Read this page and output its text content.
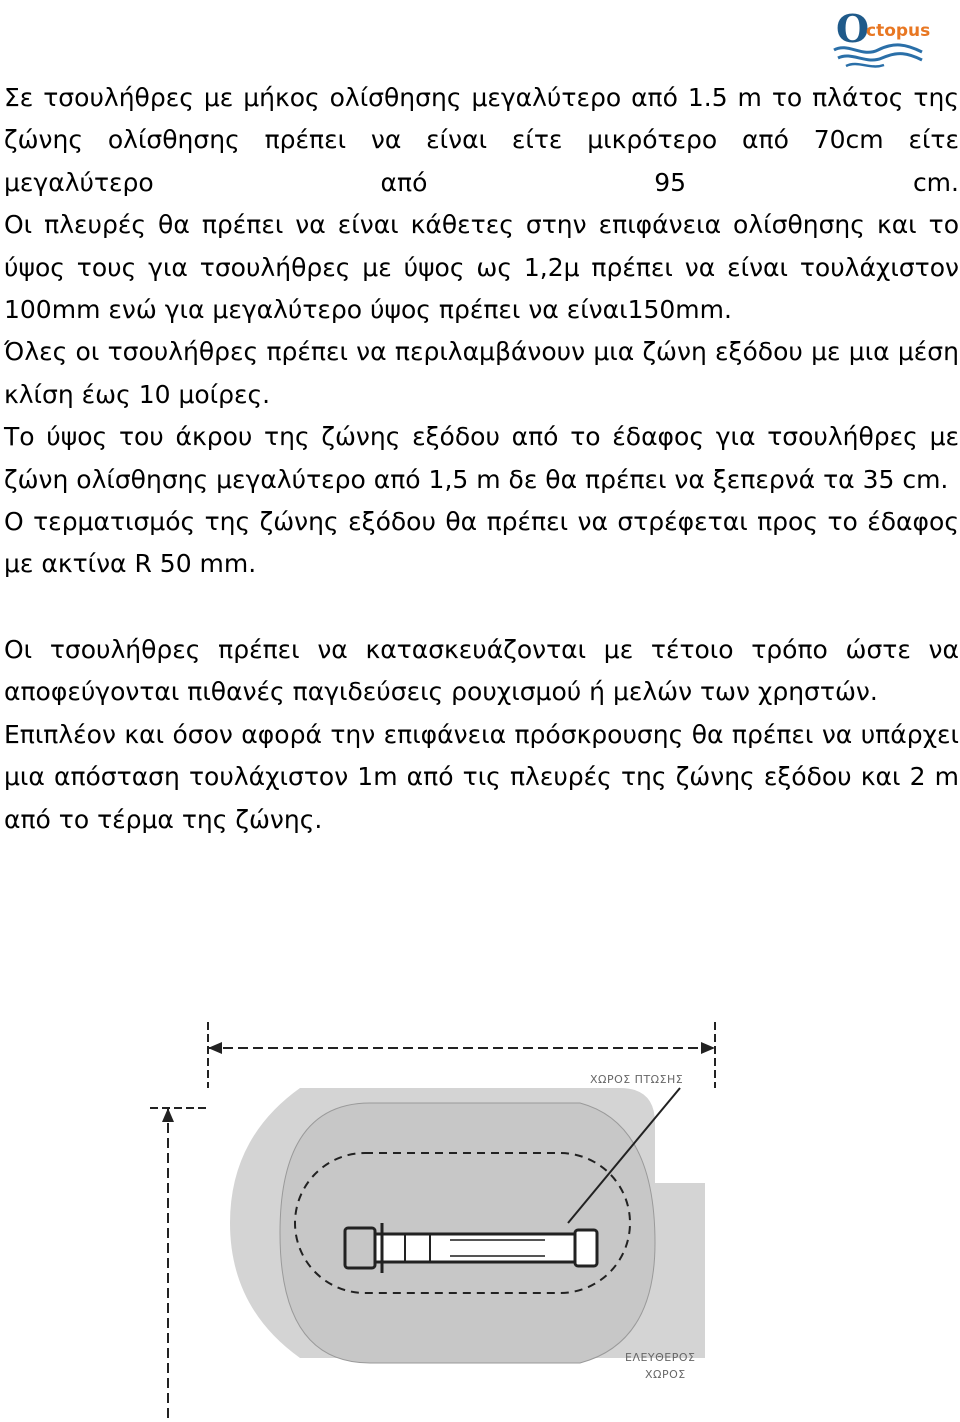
O
ctopus

Σε τσουλήθρες με μήκος ολίσθησης μεγαλύτερο από 1.5 m το πλάτος της ζώνης ολίσθησης πρέπει να είναι είτε μικρότερο από 70cm είτε μεγαλύτερο από 95 cm.

Οι πλευρές θα πρέπει να είναι κάθετες στην επιφάνεια ολίσθησης και το ύψος τους για τσουλήθρες με ύψος ως 1,2μ πρέπει να είναι τουλάχιστον 100mm ενώ για μεγαλύτερο ύψος πρέπει να είναι150mm.

Όλες οι τσουλήθρες πρέπει να περιλαμβάνουν μια ζώνη εξόδου με μια μέση κλίση έως 10 μοίρες.

Το ύψος του άκρου της ζώνης εξόδου από το έδαφος για τσουλήθρες με ζώνη ολίσθησης μεγαλύτερο από 1,5 m δε θα πρέπει να ξεπερνά τα 35 cm.

Ο τερματισμός της ζώνης εξόδου θα πρέπει να στρέφεται προς το έδαφος με ακτίνα R 50 mm.

Οι τσουλήθρες πρέπει να κατασκευάζονται με τέτοιο τρόπο ώστε να αποφεύγονται πιθανές παγιδεύσεις ρουχισμού ή μελών των χρηστών.

Επιπλέον και όσον αφορά την επιφάνεια πρόσκρουσης θα πρέπει να υπάρχει μια απόσταση τουλάχιστον 1m από τις πλευρές της ζώνης εξόδου και 2 m από το τέρμα της ζώνης.

ΧΩΡΟΣ ΠΤΩΣΗΣ
ΕΛΕΥΘΕΡΟΣ
ΧΩΡΟΣ
